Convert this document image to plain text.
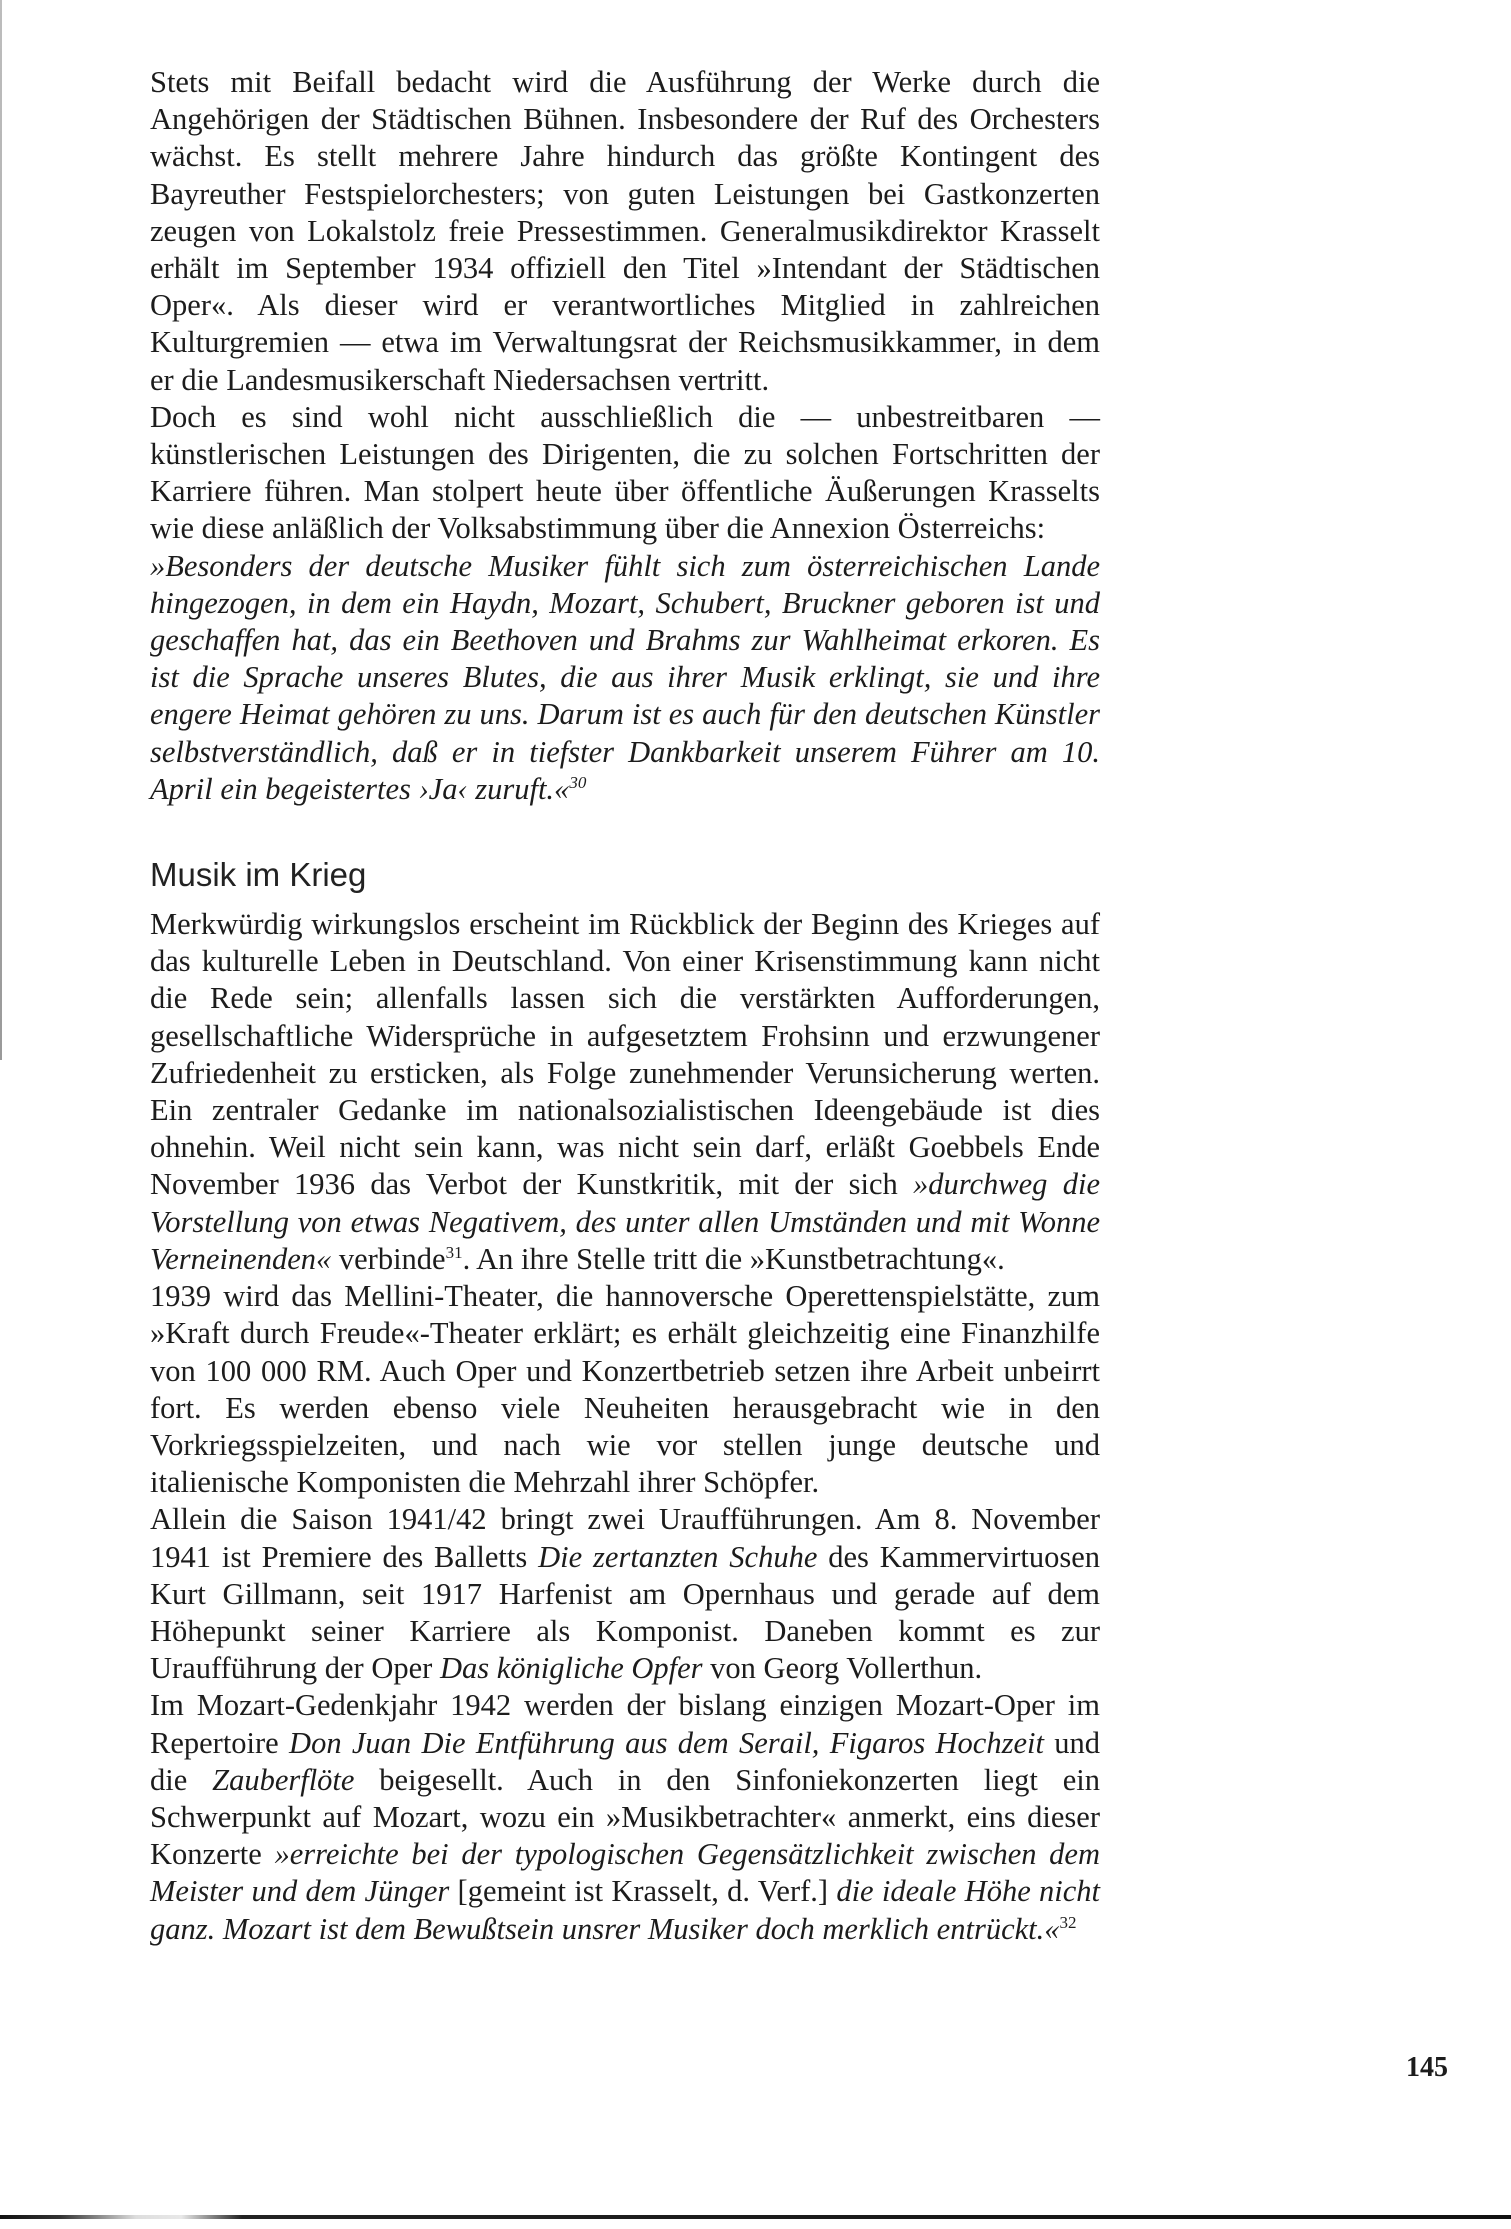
Stets mit Beifall bedacht wird die Ausführung der Werke durch die Angehörigen der Städtischen Bühnen. Insbesondere der Ruf des Orchesters wächst. Es stellt mehrere Jahre hindurch das größte Kontingent des Bayreuther Festspielorchesters; von guten Leistungen bei Gastkonzerten zeugen von Lokalstolz freie Pressestimmen. Generalmusikdirektor Krasselt erhält im September 1934 offiziell den Titel »Intendant der Städtischen Oper«. Als dieser wird er verantwortliches Mitglied in zahlreichen Kulturgremien — etwa im Verwaltungsrat der Reichsmusikkammer, in dem er die Landesmusikerschaft Niedersachsen vertritt.

Doch es sind wohl nicht ausschließlich die — unbestreitbaren — künstlerischen Leistungen des Dirigenten, die zu solchen Fortschritten der Karriere führen. Man stolpert heute über öffentliche Äußerungen Krasselts wie diese anläßlich der Volksabstimmung über die Annexion Österreichs:

»Besonders der deutsche Musiker fühlt sich zum österreichischen Lande hingezogen, in dem ein Haydn, Mozart, Schubert, Bruckner geboren ist und geschaffen hat, das ein Beethoven und Brahms zur Wahlheimat erkoren. Es ist die Sprache unseres Blutes, die aus ihrer Musik erklingt, sie und ihre engere Heimat gehören zu uns. Darum ist es auch für den deutschen Künstler selbstverständlich, daß er in tiefster Dankbarkeit unserem Führer am 10. April ein begeistertes ›Ja‹ zuruft.«$^{30}$

Musik im Krieg

Merkwürdig wirkungslos erscheint im Rückblick der Beginn des Krieges auf das kulturelle Leben in Deutschland. Von einer Krisenstimmung kann nicht die Rede sein; allenfalls lassen sich die verstärkten Aufforderungen, gesellschaftliche Widersprüche in aufgesetztem Frohsinn und erzwungener Zufriedenheit zu ersticken, als Folge zunehmender Verunsicherung werten. Ein zentraler Gedanke im nationalsozialistischen Ideengebäude ist dies ohnehin. Weil nicht sein kann, was nicht sein darf, erläßt Goebbels Ende November 1936 das Verbot der Kunstkritik, mit der sich »durchweg die Vorstellung von etwas Negativem, des unter allen Umständen und mit Wonne Verneinenden« verbinde$^{31}$. An ihre Stelle tritt die »Kunstbetrachtung«.

1939 wird das Mellini-Theater, die hannoversche Operettenspielstätte, zum »Kraft durch Freude«-Theater erklärt; es erhält gleichzeitig eine Finanzhilfe von 100 000 RM. Auch Oper und Konzertbetrieb setzen ihre Arbeit unbeirrt fort. Es werden ebenso viele Neuheiten herausgebracht wie in den Vorkriegsspielzeiten, und nach wie vor stellen junge deutsche und italienische Komponisten die Mehrzahl ihrer Schöpfer.

Allein die Saison 1941/42 bringt zwei Uraufführungen. Am 8. November 1941 ist Premiere des Balletts Die zertanzten Schuhe des Kammervirtuosen Kurt Gillmann, seit 1917 Harfenist am Opernhaus und gerade auf dem Höhepunkt seiner Karriere als Komponist. Daneben kommt es zur Uraufführung der Oper Das königliche Opfer von Georg Vollerthun.

Im Mozart-Gedenkjahr 1942 werden der bislang einzigen Mozart-Oper im Repertoire Don Juan Die Entführung aus dem Serail, Figaros Hochzeit und die Zauberflöte beigesellt. Auch in den Sinfoniekonzerten liegt ein Schwerpunkt auf Mozart, wozu ein »Musikbetrachter« anmerkt, eins dieser Konzerte »erreichte bei der typologischen Gegensätzlichkeit zwischen dem Meister und dem Jünger [gemeint ist Krasselt, d. Verf.] die ideale Höhe nicht ganz. Mozart ist dem Bewußtsein unsrer Musiker doch merklich entrückt.«$^{32}$

145
